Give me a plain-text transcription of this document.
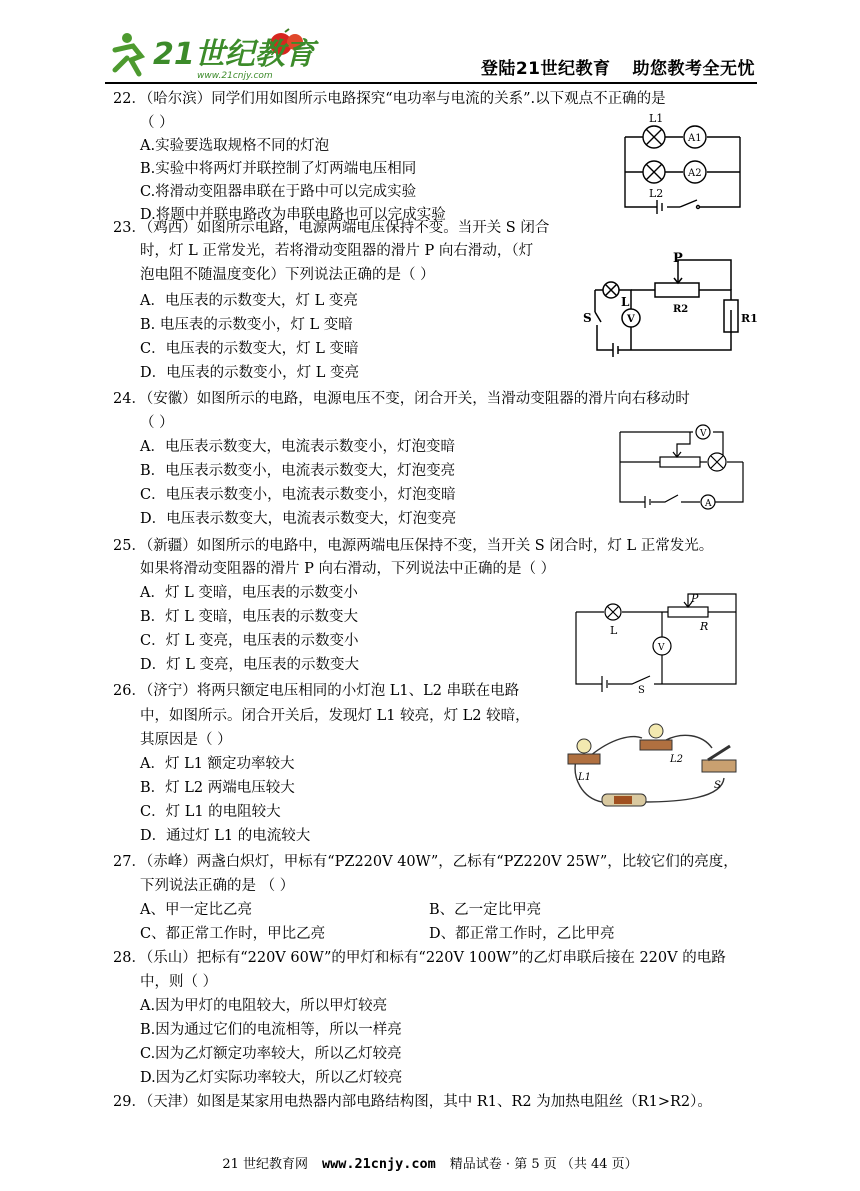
21世纪教育
www.21cnjy.com	登陆21世纪教育 助您教考全无忧
22．（哈尔滨）同学们用如图所示电路探究“电功率与电流的关系”.以下观点不正确的是
（ ）
A.实验要选取规格不同的灯泡
B.实验中将两灯并联控制了灯两端电压相同
C.将滑动变阻器串联在于路中可以完成实验
D.将题中并联电路改为串联电路也可以完成实验
L1
L2
A1
A2
23．（鸡西）如图所示电路，电源两端电压保持不变。当开关 S 闭合
时，灯 L 正常发光，若将滑动变阻器的滑片 P 向右滑动，（灯
泡电阻不随温度变化）下列说法正确的是（ ）
A．电压表的示数变大，灯 L 变亮
B. 电压表的示数变小，灯 L 变暗
C．电压表的示数变大，灯 L 变暗
D．电压表的示数变小，灯 L 变亮
P
L
S	V
R2
R1
24．（安徽）如图所示的电路，电源电压不变，闭合开关，当滑动变阻器的滑片向右移动时
（ ）
A．电压表示数变大，电流表示数变小，灯泡变暗
B．电压表示数变小，电流表示数变大，灯泡变亮
C．电压表示数变小，电流表示数变小，灯泡变暗
D．电压表示数变大，电流表示数变大，灯泡变亮
V
A
25．（新疆）如图所示的电路中，电源两端电压保持不变，当开关 S 闭合时，灯 L 正常发光。
如果将滑动变阻器的滑片 P 向右滑动，下列说法中正确的是（ ）
A．灯 L 变暗，电压表的示数变小
B．灯 L 变暗，电压表的示数变大
C．灯 L 变亮，电压表的示数变小
D．灯 L 变亮，电压表的示数变大
P
R
L
V
S
26．（济宁）将两只额定电压相同的小灯泡 L1、L2 串联在电路
中，如图所示。闭合开关后，发现灯 L1 较亮，灯 L2 较暗，
其原因是（ ）
A．灯 L1 额定功率较大
B．灯 L2 两端电压较大
C．灯 L1 的电阻较大
D．通过灯 L1 的电流较大
L1
L2
S
27．（赤峰）两盏白炽灯，甲标有“PZ220V 40W”，乙标有“PZ220V 25W”，比较它们的亮度，
下列说法正确的是 （ ）
A、甲一定比乙亮	B、乙一定比甲亮
C、都正常工作时，甲比乙亮	D、都正常工作时，乙比甲亮
28．（乐山）把标有“220V 60W”的甲灯和标有“220V 100W”的乙灯串联后接在 220V 的电路
中，则（ ）
A.因为甲灯的电阻较大，所以甲灯较亮
B.因为通过它们的电流相等，所以一样亮
C.因为乙灯额定功率较大，所以乙灯较亮
D.因为乙灯实际功率较大，所以乙灯较亮
29．（天津）如图是某家用电热器内部电路结构图，其中 R1、R2 为加热电阻丝（R1>R2）。
21 世纪教育网 www.21cnjy.com 精品试卷 · 第 5 页 （共 44 页）
